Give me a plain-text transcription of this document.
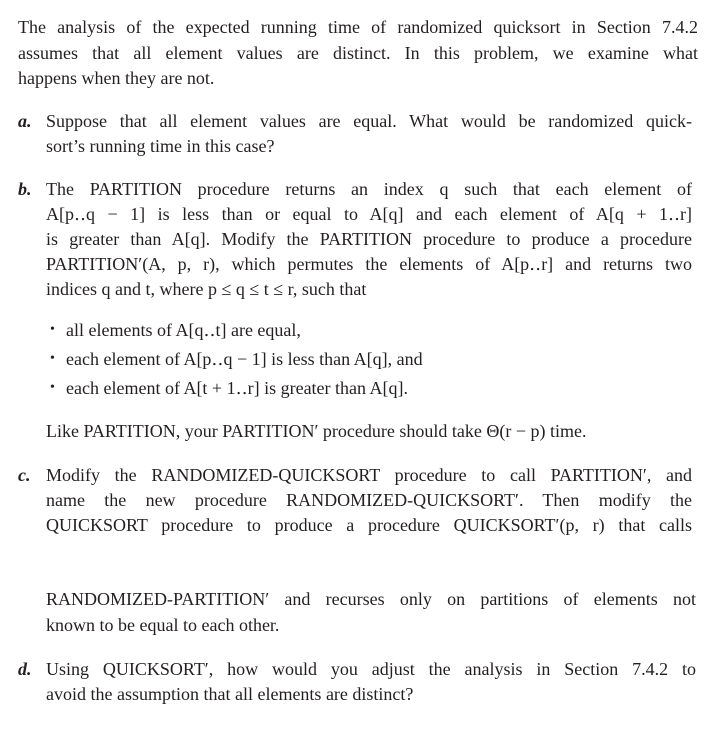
The analysis of the expected running time of randomized quicksort in Section 7.4.2
assumes that all element values are distinct. In this problem, we examine what
happens when they are not.
a. Suppose that all element values are equal. What would be randomized quick-
sort’s running time in this case?
b. The PARTITION procedure returns an index q such that each element of
A[p‥q − 1] is less than or equal to A[q] and each element of A[q + 1‥r]
is greater than A[q]. Modify the PARTITION procedure to produce a procedure
PARTITION′(A, p, r), which permutes the elements of A[p‥r] and returns two
indices q and t, where p ≤ q ≤ t ≤ r, such that
• all elements of A[q‥t] are equal,
• each element of A[p‥q − 1] is less than A[q], and
• each element of A[t + 1‥r] is greater than A[q].
Like PARTITION, your PARTITION′ procedure should take Θ(r − p) time.
c. Modify the RANDOMIZED-QUICKSORT procedure to call PARTITION′, and
name the new procedure RANDOMIZED-QUICKSORT′. Then modify the
QUICKSORT procedure to produce a procedure QUICKSORT′(p, r) that calls
RANDOMIZED-PARTITION′ and recurses only on partitions of elements not
known to be equal to each other.
d. Using QUICKSORT′, how would you adjust the analysis in Section 7.4.2 to
avoid the assumption that all elements are distinct?
